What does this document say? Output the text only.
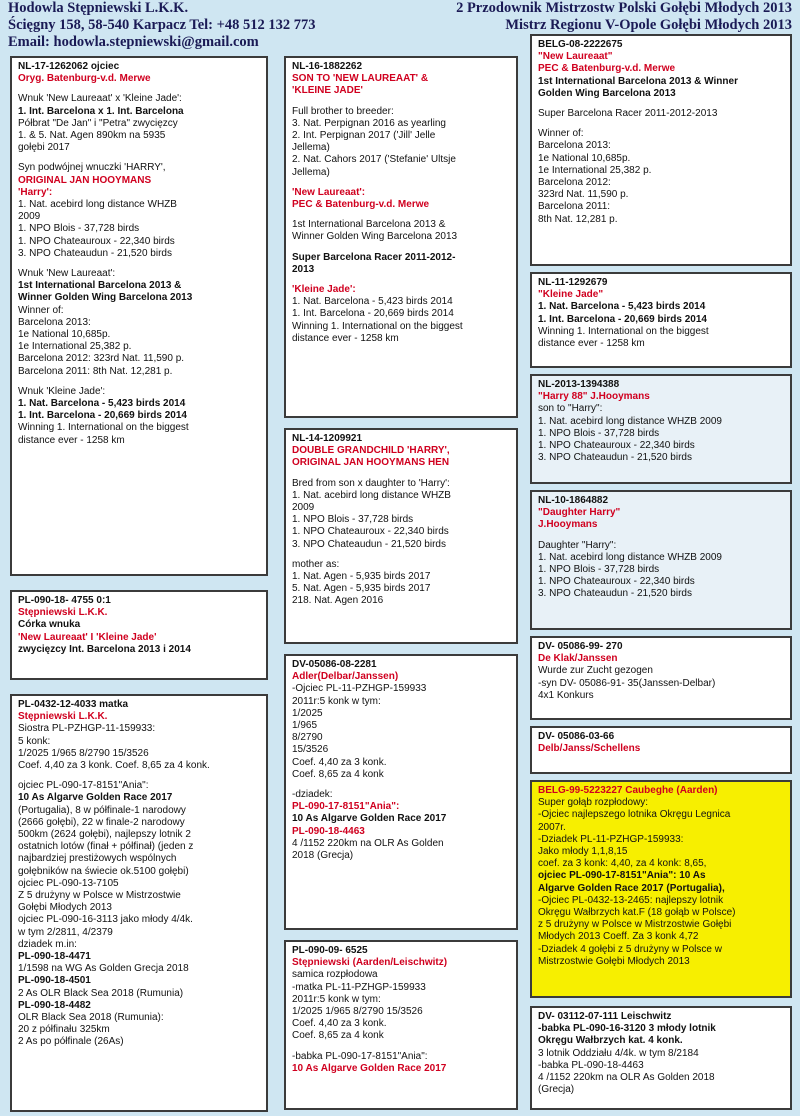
Hodowla Stępniewski L.K.K.	2 Przodownik Mistrzostw Polski Gołębi Młodych 2013
Ścięgny 158, 58-540 Karpacz Tel: +48 512 132 773	Mistrz Regionu V-Opole Gołębi Młodych 2013
Email: hodowla.stepniewski@gmail.com
NL-17-1262062 ojciec
Oryg. Batenburg-v.d. Merwe
Wnuk 'New Laureaat' x 'Kleine Jade':
1. Int. Barcelona x 1. Int. Barcelona
Półbrat "De Jan" i "Petra" zwycięzcy
1. & 5. Nat. Agen 890km na 5935
gołębi 2017
Syn podwójnej wnuczki 'HARRY',
ORIGINAL JAN HOOYMANS
'Harry':
1. Nat. acebird long distance WHZB
2009
1. NPO Blois - 37,728 birds
1. NPO Chateauroux - 22,340 birds
3. NPO Chateaudun - 21,520 birds
Wnuk 'New Laureaat':
1st International Barcelona 2013 &
Winner Golden Wing Barcelona 2013
Winner of:
Barcelona 2013:
1e National 10,685p.
1e International 25,382 p.
Barcelona 2012: 323rd Nat. 11,590 p.
Barcelona 2011: 8th Nat. 12,281 p.
Wnuk 'Kleine Jade':
1. Nat. Barcelona - 5,423 birds 2014
1. Int. Barcelona - 20,669 birds 2014
Winning 1. International on the biggest
distance ever - 1258 km
PL-090-18- 4755 0:1
Stępniewski L.K.K.
Córka wnuka
'New Laureaat' I 'Kleine Jade'
zwycięzcy Int. Barcelona 2013 i 2014
PL-0432-12-4033 matka
Stępniewski L.K.K.
Siostra PL-PZHGP-11-159933:
5 konk:
1/2025 1/965 8/2790 15/3526
Coef. 4,40 za 3 konk. Coef. 8,65 za 4 konk.
ojciec PL-090-17-8151"Ania":
10 As Algarve Golden Race 2017
(Portugalia), 8 w półfinale-1 narodowy
(2666 gołębi), 22 w finale-2 narodowy
500km (2624 gołębi), najlepszy lotnik 2
ostatnich lotów (finał + półfinał) (jeden z
najbardziej prestiżowych wspólnych
gołębników na świecie ok.5100 gołębi)
ojciec PL-090-13-7105
Z 5 drużyny w Polsce w Mistrzostwie
Gołębi Młodych 2013
ojciec PL-090-16-3113 jako młody 4/4k.
w tym 2/2811, 4/2379
dziadek m.in:
PL-090-18-4471
1/1598 na WG As Golden Grecja 2018
PL-090-18-4501
2 As OLR Black Sea 2018 (Rumunia)
PL-090-18-4482
OLR Black Sea 2018 (Rumunia):
20 z półfinału 325km
2 As po półfinale (26As)
NL-16-1882262
SON TO 'NEW LAUREAAT' &
'KLEINE JADE'
Full brother to breeder:
3. Nat. Perpignan 2016 as yearling
2. Int. Perpignan 2017 ('Jill' Jelle
Jellema)
2. Nat. Cahors 2017 ('Stefanie' Ultsje
Jellema)
'New Laureaat':
PEC & Batenburg-v.d. Merwe
1st International Barcelona 2013 &
Winner Golden Wing Barcelona 2013
Super Barcelona Racer 2011-2012-
2013
'Kleine Jade':
1. Nat. Barcelona - 5,423 birds 2014
1. Int. Barcelona - 20,669 birds 2014
Winning 1. International on the biggest
distance ever - 1258 km
NL-14-1209921
DOUBLE GRANDCHILD 'HARRY',
ORIGINAL JAN HOOYMANS HEN
Bred from son x daughter to 'Harry':
1. Nat. acebird long distance WHZB
2009
1. NPO Blois - 37,728 birds
1. NPO Chateauroux - 22,340 birds
3. NPO Chateaudun - 21,520 birds
mother as:
1. Nat. Agen - 5,935 birds 2017
5. Nat. Agen - 5,935 birds 2017
218. Nat. Agen 2016
DV-05086-08-2281
Adler(Delbar/Janssen)
-Ojciec PL-11-PZHGP-159933
2011r:5 konk w tym:
1/2025
1/965
8/2790
15/3526
Coef. 4,40 za 3 konk.
Coef. 8,65 za 4 konk
-dziadek:
PL-090-17-8151"Ania":
10 As Algarve Golden Race 2017
PL-090-18-4463
4 /1152 220km na OLR As Golden
2018 (Grecja)
PL-090-09- 6525
Stępniewski (Aarden/Leischwitz)
samica rozpłodowa
-matka PL-11-PZHGP-159933
2011r:5 konk w tym:
1/2025 1/965 8/2790 15/3526
Coef. 4,40 za 3 konk.
Coef. 8,65 za 4 konk
-babka PL-090-17-8151"Ania":
10 As Algarve Golden Race 2017
BELG-08-2222675
"New Laureaat"
PEC & Batenburg-v.d. Merwe
1st International Barcelona 2013 & Winner
Golden Wing Barcelona 2013
Super Barcelona Racer 2011-2012-2013
Winner of:
Barcelona 2013:
1e National 10,685p.
1e International 25,382 p.
Barcelona 2012:
323rd Nat. 11,590 p.
Barcelona 2011:
8th Nat. 12,281 p.
NL-11-1292679
"Kleine Jade"
1. Nat. Barcelona - 5,423 birds 2014
1. Int. Barcelona - 20,669 birds 2014
Winning 1. International on the biggest
distance ever - 1258 km
NL-2013-1394388
"Harry 88" J.Hooymans
son to "Harry":
1. Nat. acebird long distance WHZB 2009
1. NPO Blois - 37,728 birds
1. NPO Chateauroux - 22,340 birds
3. NPO Chateaudun - 21,520 birds
NL-10-1864882
"Daughter Harry"
J.Hooymans
Daughter "Harry":
1. Nat. acebird long distance WHZB 2009
1. NPO Blois - 37,728 birds
1. NPO Chateauroux - 22,340 birds
3. NPO Chateaudun - 21,520 birds
DV- 05086-99- 270
De Klak/Janssen
Wurde zur Zucht gezogen
-syn DV- 05086-91- 35(Janssen-Delbar)
4x1 Konkurs
DV- 05086-03-66
Delb/Janss/Schellens
BELG-99-5223227 Caubeghe (Aarden)
Super gołąb rozpłodowy:
-Ojciec najlepszego lotnika Okręgu Legnica
2007r.
-Dziadek PL-11-PZHGP-159933:
Jako młody 1,1,8,15
coef. za 3 konk: 4,40, za 4 konk: 8,65,
ojciec PL-090-17-8151"Ania": 10 As
Algarve Golden Race 2017 (Portugalia),
-Ojciec PL-0432-13-2465: najlepszy lotnik
Okręgu Wałbrzych kat.F (18 gołąb w Polsce)
z 5 drużyny w Polsce w Mistrzostwie Gołębi
Młodych 2013 Coeff. Za 3 konk 4,72
-Dziadek 4 gołębi z 5 drużyny w Polsce w
Mistrzostwie Gołębi Młodych 2013
DV- 03112-07-111 Leischwitz
-babka PL-090-16-3120 3 młody lotnik
Okręgu Wałbrzych kat. 4 konk.
3 lotnik Oddziału 4/4k. w tym 8/2184
-babka PL-090-18-4463
4 /1152 220km na OLR As Golden 2018
(Grecja)
